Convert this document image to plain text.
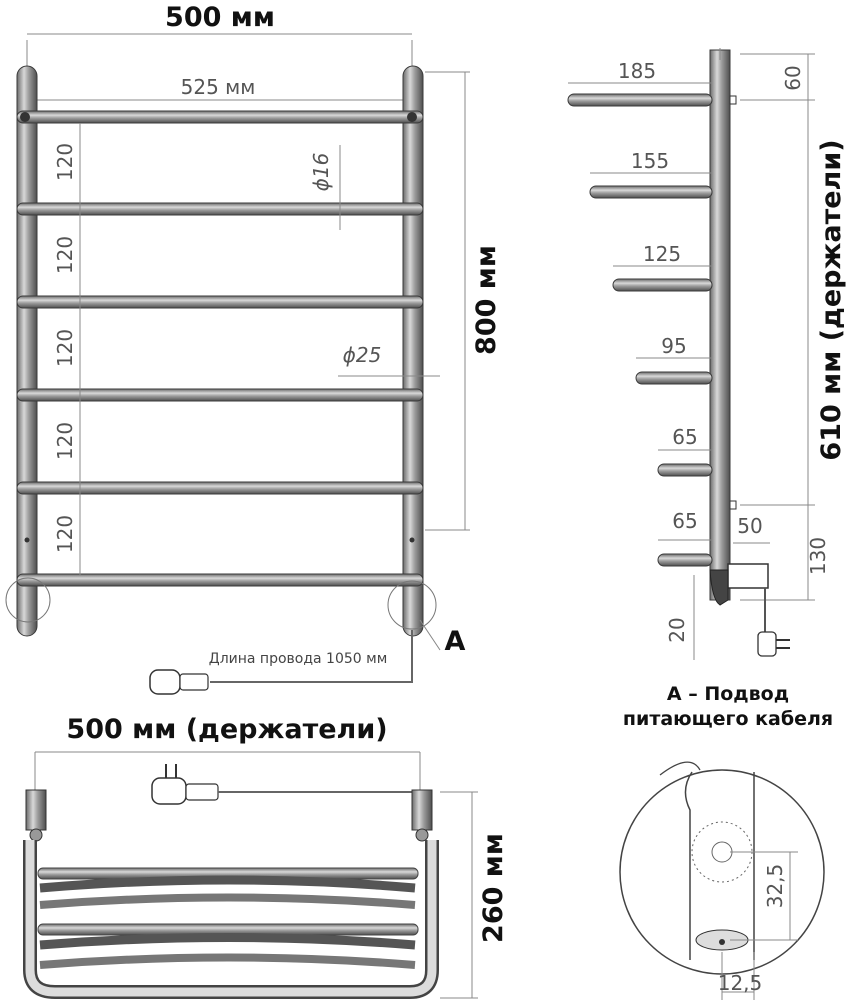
500 мм
525 мм
120
120
120
120
120
ϕ16
ϕ25
800 мм
A
Длина провода 1050 мм
185
155
125
95
65
65
60
610 мм (держатели)
130
50
20
500 мм (держатели)
260 мм
A – Подвод
питающего кабеля
32,5
12,5
